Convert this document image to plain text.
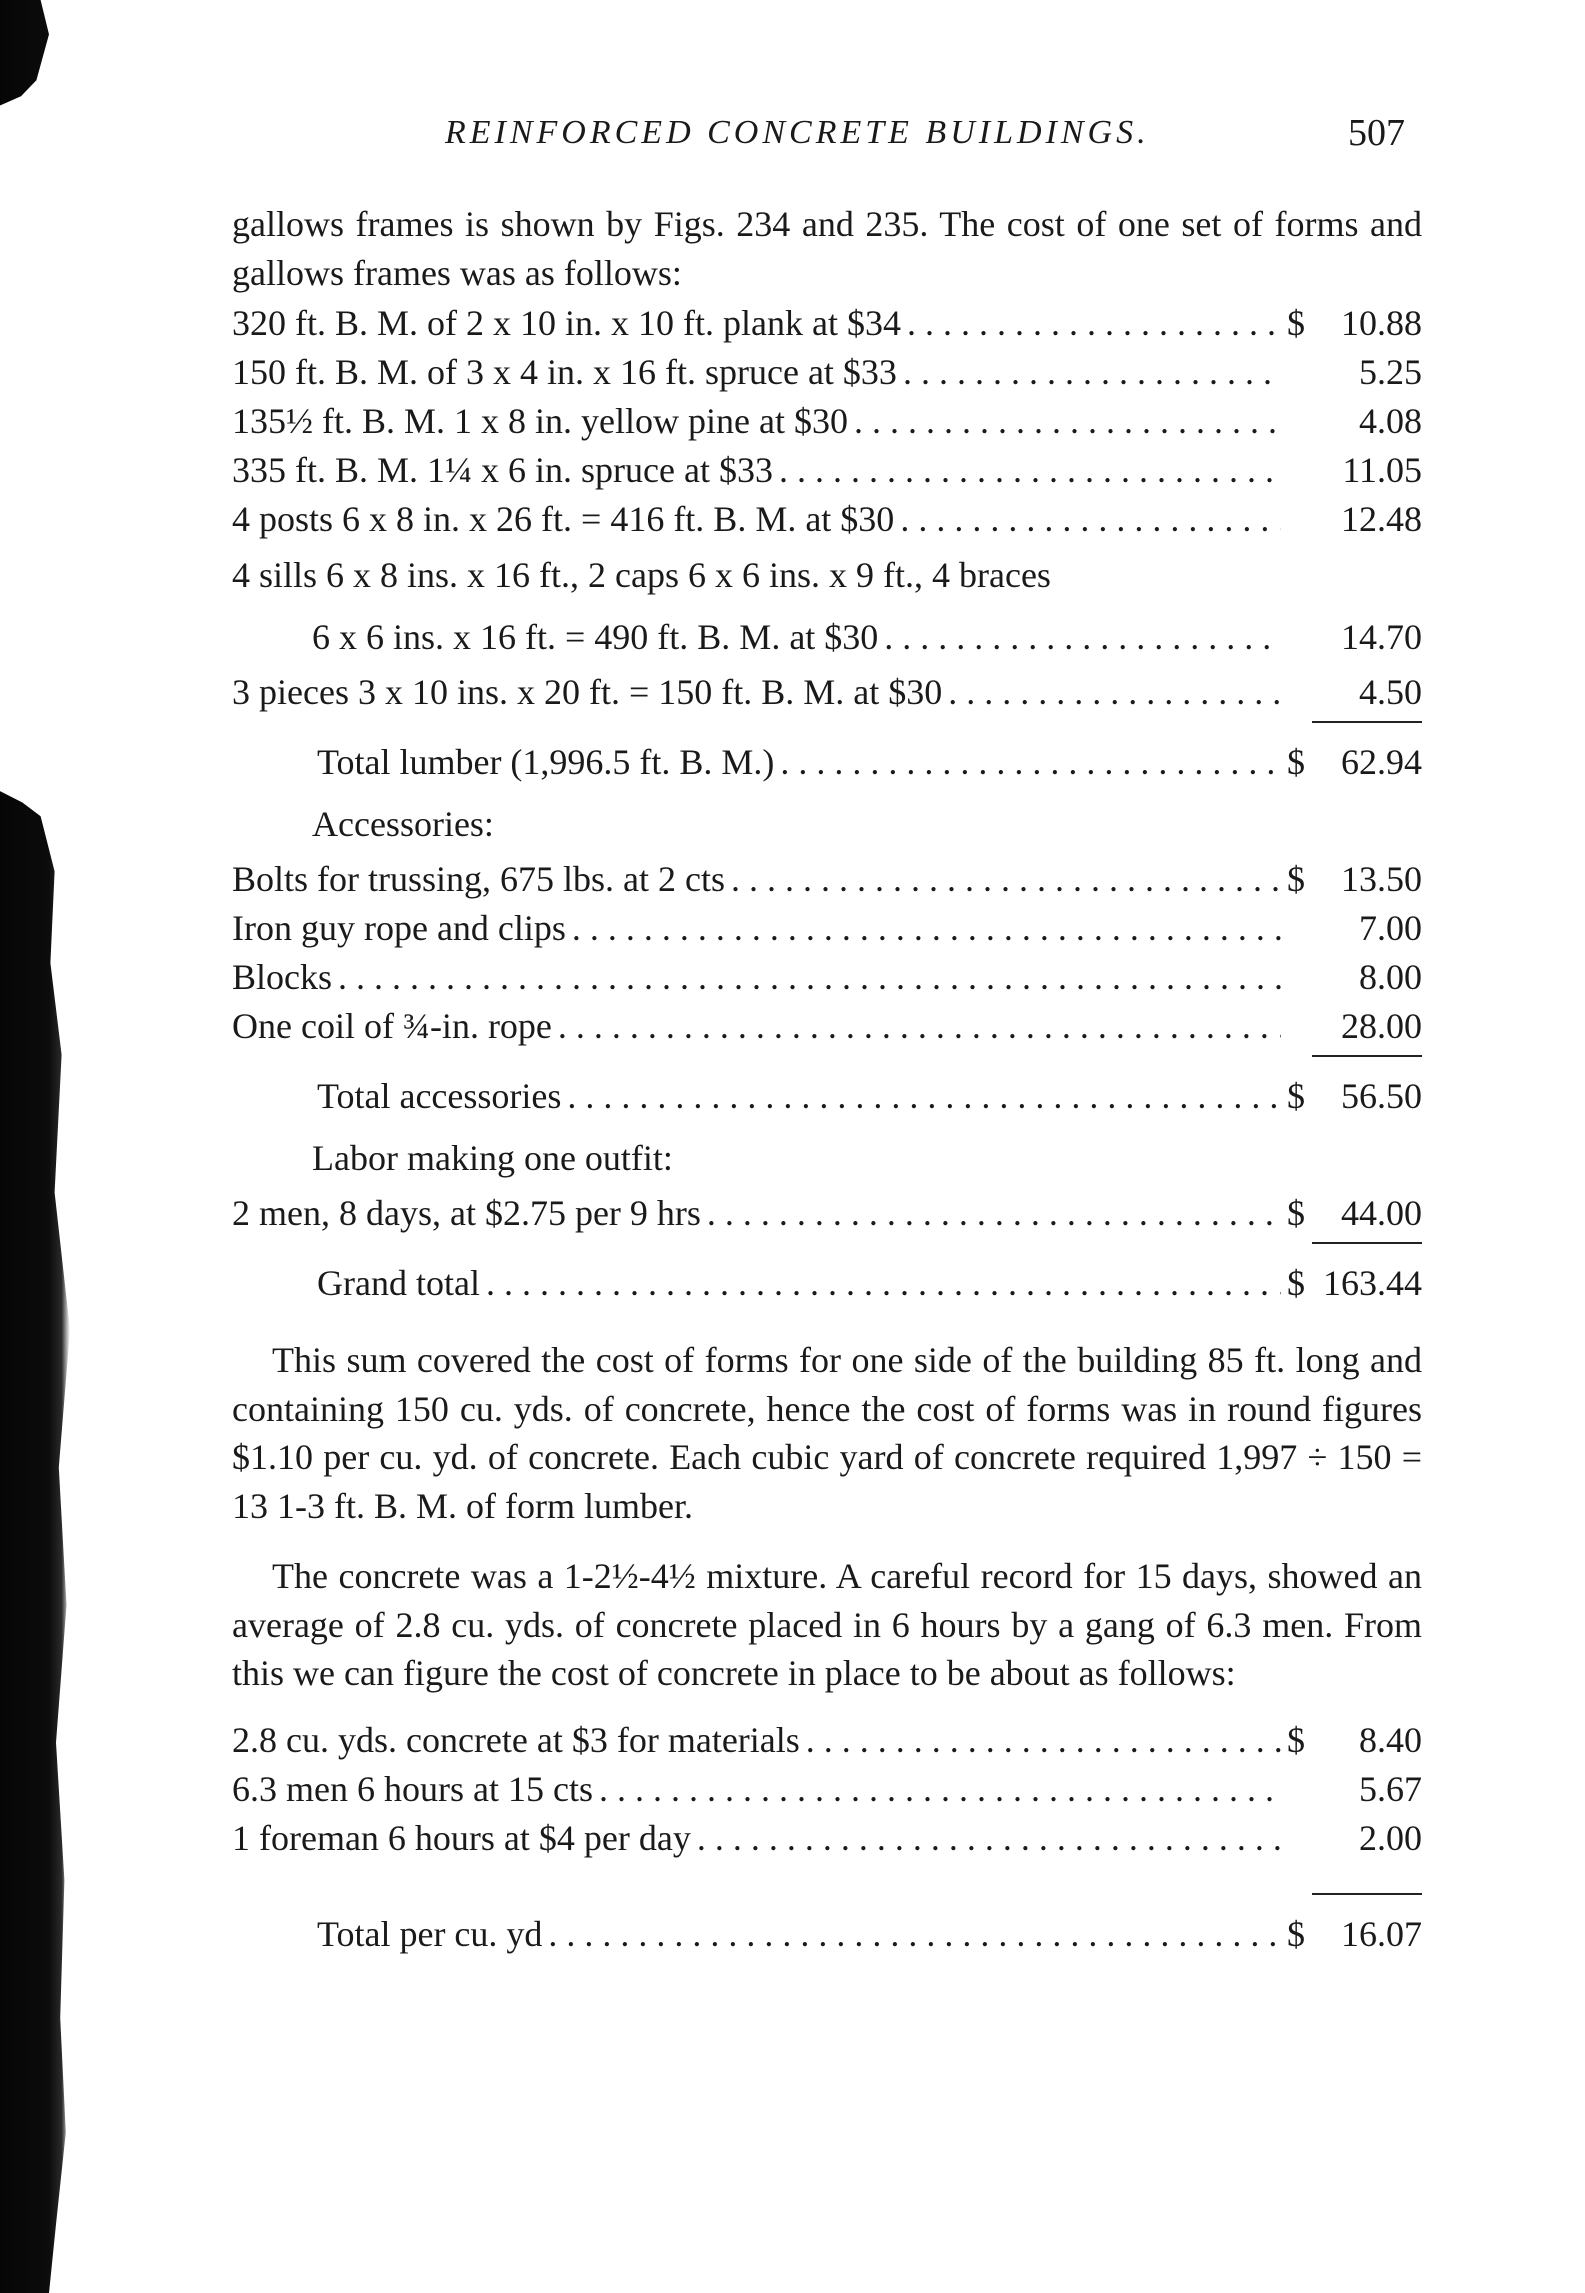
REINFORCED CONCRETE BUILDINGS.	507

gallows frames is shown by Figs. 234 and 235. The cost of one set of forms and gallows frames was as follows:

320 ft. B. M. of 2 x 10 in. x 10 ft. plank at $34 . . .	$	10.88
150 ft. B. M. of 3 x 4 in. x 16 ft. spruce at $33 . . .	5.25
135½ ft. B. M. 1 x 8 in. yellow pine at $30 . . .	4.08
335 ft. B. M. 1¼ x 6 in. spruce at $33 . . .	11.05
4 posts 6 x 8 in. x 26 ft. = 416 ft. B. M. at $30 . . .	12.48
4 sills 6 x 8 ins. x 16 ft., 2 caps 6 x 6 ins. x 9 ft., 4 braces
6 x 6 ins. x 16 ft. = 490 ft. B. M. at $30 . . .	14.70
3 pieces 3 x 10 ins. x 20 ft. = 150 ft. B. M. at $30 . . .	4.50
Total lumber (1,996.5 ft. B. M.) . . .	$	62.94
Accessories:
Bolts for trussing, 675 lbs. at 2 cts . . .	$	13.50
Iron guy rope and clips . . .	7.00
Blocks . . .	8.00
One coil of ¾-in. rope . . .	28.00
Total accessories . . .	$	56.50
Labor making one outfit:
2 men, 8 days, at $2.75 per 9 hrs . . .	$	44.00
Grand total . . .	$ 163.44

This sum covered the cost of forms for one side of the building 85 ft. long and containing 150 cu. yds. of concrete, hence the cost of forms was in round figures $1.10 per cu. yd. of concrete. Each cubic yard of concrete required 1,997 ÷ 150 = 13 1-3 ft. B. M. of form lumber.

The concrete was a 1-2½-4½ mixture. A careful record for 15 days, showed an average of 2.8 cu. yds. of concrete placed in 6 hours by a gang of 6.3 men. From this we can figure the cost of concrete in place to be about as follows:

2.8 cu. yds. concrete at $3 for materials . . .	$	8.40
6.3 men 6 hours at 15 cts . . .	5.67
1 foreman 6 hours at $4 per day . . .	2.00
Total per cu. yd . . .	$	16.07
